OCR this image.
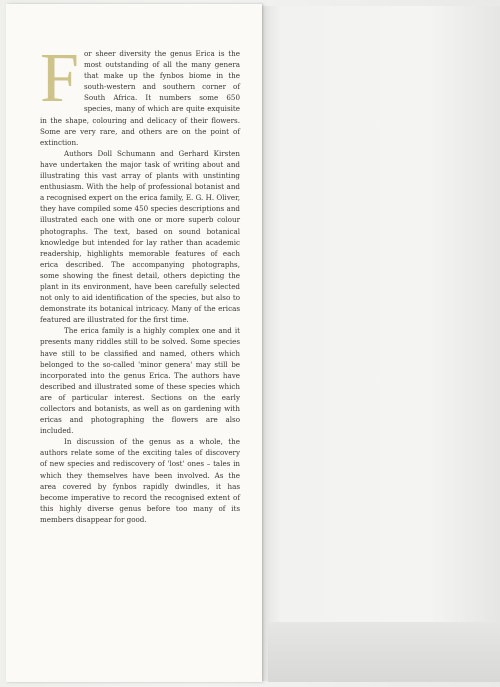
For sheer diversity the genus Erica is the most outstanding of all the many genera that make up the fynbos biome in the south-western and southern corner of South Africa. It numbers some 650 species, many of which are quite exquisite in the shape, colouring and delicacy of their flowers. Some are very rare, and others are on the point of extinction.

Authors Doll Schumann and Gerhard Kirsten have undertaken the major task of writing about and illustrating this vast array of plants with unstinting enthusiasm. With the help of professional botanist and a recognised expert on the erica family, E. G. H. Oliver, they have compiled some 450 species descriptions and illustrated each one with one or more superb colour photographs. The text, based on sound botanical knowledge but intended for lay rather than academic readership, highlights memorable features of each erica described. The accompanying photographs, some showing the finest detail, others depicting the plant in its environment, have been carefully selected not only to aid identification of the species, but also to demonstrate its botanical intricacy. Many of the ericas featured are illustrated for the first time.

The erica family is a highly complex one and it presents many riddles still to be solved. Some species have still to be classified and named, others which belonged to the so-called 'minor genera' may still be incorporated into the genus Erica. The authors have described and illustrated some of these species which are of particular interest. Sections on the early collectors and botanists, as well as on gardening with ericas and photographing the flowers are also included.

In discussion of the genus as a whole, the authors relate some of the exciting tales of discovery of new species and rediscovery of 'lost' ones – tales in which they themselves have been involved. As the area covered by fynbos rapidly dwindles, it has become imperative to record the recognised extent of this highly diverse genus before too many of its members disappear for good.
